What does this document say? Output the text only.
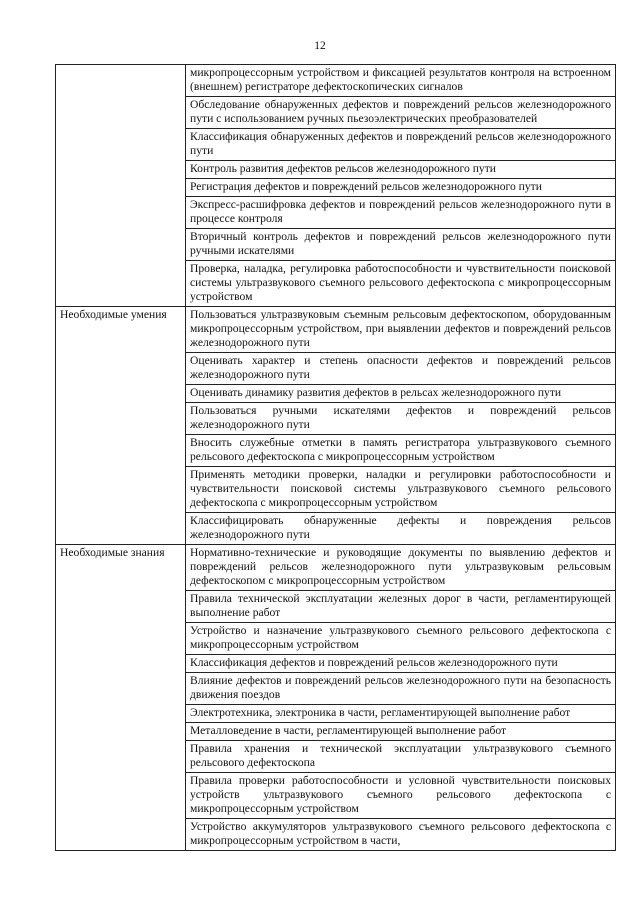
12
	микропроцессорным устройством и фиксацией результатов контроля на встроенном (внешнем) регистраторе дефектоскопических сигналов
	Обследование обнаруженных дефектов и повреждений рельсов железнодорожного пути с использованием ручных пьезоэлектрических преобразователей
	Классификация обнаруженных дефектов и повреждений рельсов железнодорожного пути
	Контроль развития дефектов рельсов железнодорожного пути
	Регистрация дефектов и повреждений рельсов железнодорожного пути
	Экспресс-расшифровка дефектов и повреждений рельсов железнодорожного пути в процессе контроля
	Вторичный контроль дефектов и повреждений рельсов железнодорожного пути ручными искателями
	Проверка, наладка, регулировка работоспособности и чувствительности поисковой системы ультразвукового съемного рельсового дефектоскопа с микропроцессорным устройством
Необходимые умения	Пользоваться ультразвуковым съемным рельсовым дефектоскопом, оборудованным микропроцессорным устройством, при выявлении дефектов и повреждений рельсов железнодорожного пути
	Оценивать характер и степень опасности дефектов и повреждений рельсов железнодорожного пути
	Оценивать динамику развития дефектов в рельсах железнодорожного пути
	Пользоваться ручными искателями дефектов и повреждений рельсов железнодорожного пути
	Вносить служебные отметки в память регистратора ультразвукового съемного рельсового дефектоскопа с микропроцессорным устройством
	Применять методики проверки, наладки и регулировки работоспособности и чувствительности поисковой системы ультразвукового съемного рельсового дефектоскопа с микропроцессорным устройством
	Классифицировать обнаруженные дефекты и повреждения рельсов железнодорожного пути
Необходимые знания	Нормативно-технические и руководящие документы по выявлению дефектов и повреждений рельсов железнодорожного пути ультразвуковым рельсовым дефектоскопом с микропроцессорным устройством
	Правила технической эксплуатации железных дорог в части, регламентирующей выполнение работ
	Устройство и назначение ультразвукового съемного рельсового дефектоскопа с микропроцессорным устройством
	Классификация дефектов и повреждений рельсов железнодорожного пути
	Влияние дефектов и повреждений рельсов железнодорожного пути на безопасность движения поездов
	Электротехника, электроника в части, регламентирующей выполнение работ
	Металловедение в части, регламентирующей выполнение работ
	Правила хранения и технической эксплуатации ультразвукового съемного рельсового дефектоскопа
	Правила проверки работоспособности и условной чувствительности поисковых устройств ультразвукового съемного рельсового дефектоскопа с микропроцессорным устройством
	Устройство аккумуляторов ультразвукового съемного рельсового дефектоскопа с микропроцессорным устройством в части,
